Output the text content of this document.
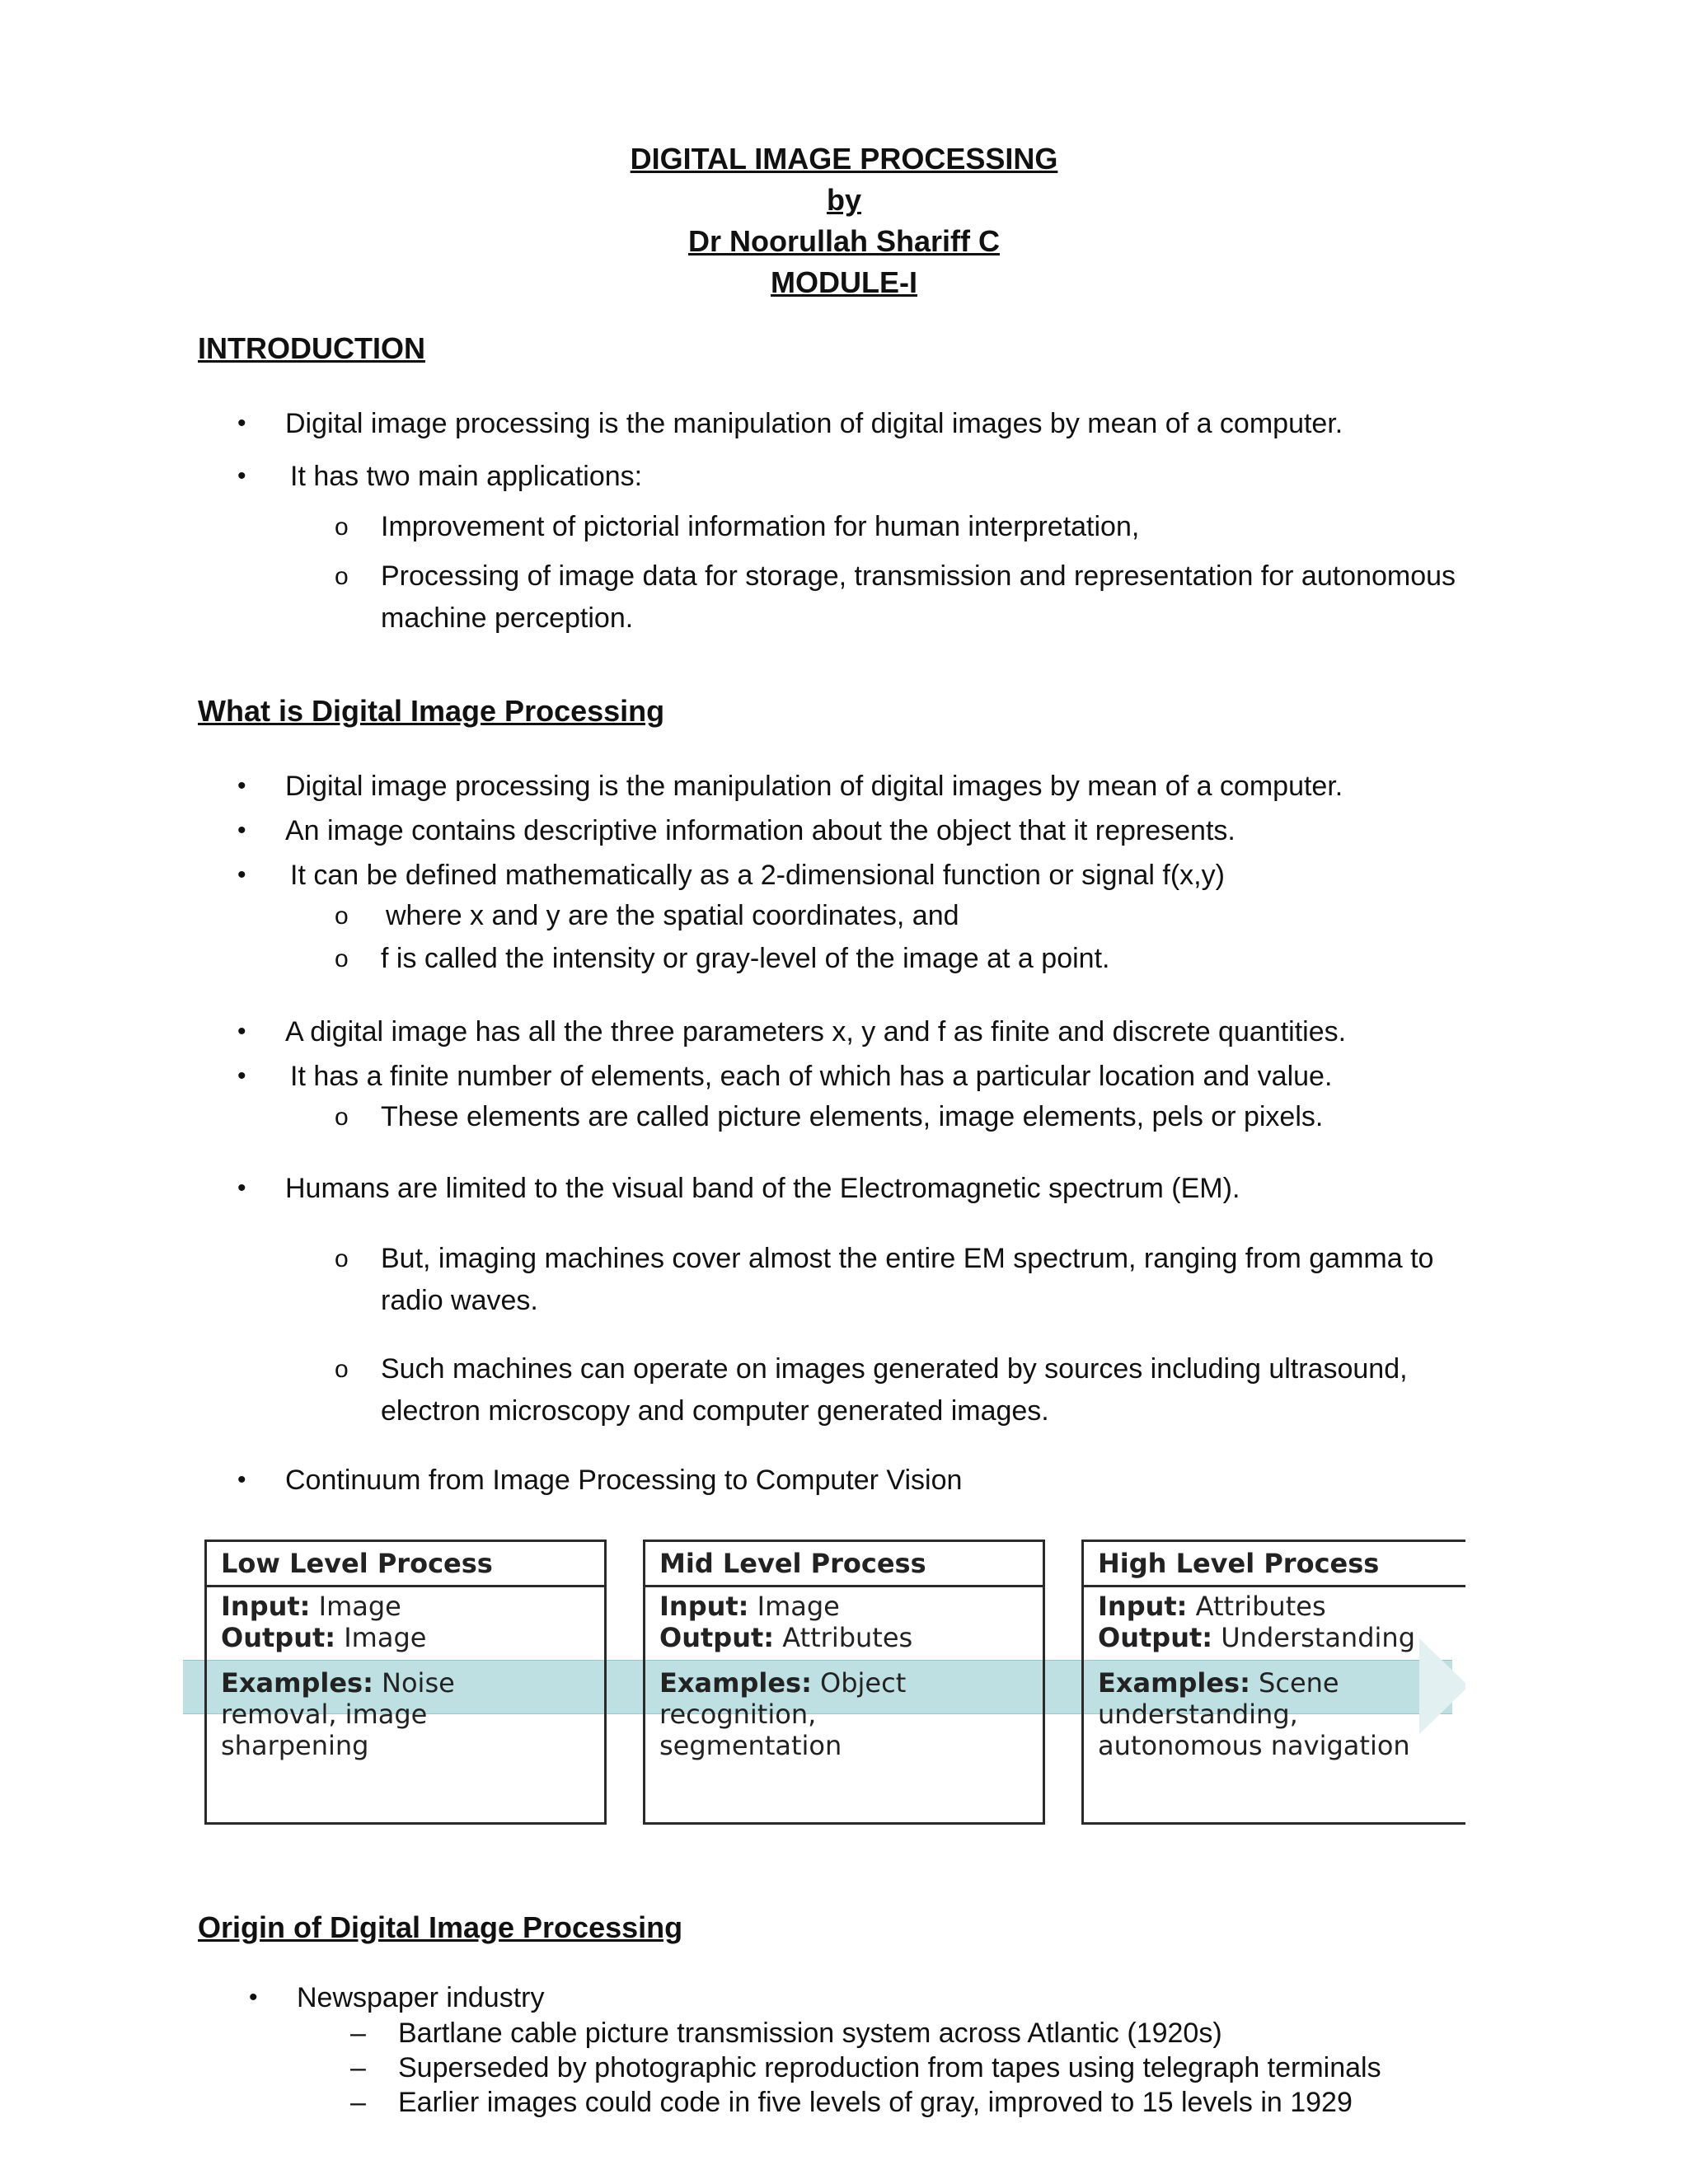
DIGITAL IMAGE PROCESSING
by
Dr Noorullah Shariff C
MODULE-I
INTRODUCTION
• Digital image processing is the manipulation of digital images by mean of a computer.
• It has two main applications:
o Improvement of pictorial information for human interpretation,
o Processing of image data for storage, transmission and representation for autonomous machine perception.
What is Digital Image Processing
• Digital image processing is the manipulation of digital images by mean of a computer.
• An image contains descriptive information about the object that it represents.
• It can be defined mathematically as a 2-dimensional function or signal f(x,y)
o where x and y are the spatial coordinates, and
o f is called the intensity or gray-level of the image at a point.
• A digital image has all the three parameters x, y and f as finite and discrete quantities.
• It has a finite number of elements, each of which has a particular location and value.
o These elements are called picture elements, image elements, pels or pixels.
• Humans are limited to the visual band of the Electromagnetic spectrum (EM).
o But, imaging machines cover almost the entire EM spectrum, ranging from gamma to radio waves.
o Such machines can operate on images generated by sources including ultrasound, electron microscopy and computer generated images.
• Continuum from Image Processing to Computer Vision
Low Level Process
Input: Image
Output: Image
Examples: Noise
removal, image
sharpening
Mid Level Process
Input: Image
Output: Attributes
Examples: Object
recognition,
segmentation
High Level Process
Input: Attributes
Output: Understanding
Examples: Scene
understanding,
autonomous navigation
Origin of Digital Image Processing
• Newspaper industry
– Bartlane cable picture transmission system across Atlantic (1920s)
– Superseded by photographic reproduction from tapes using telegraph terminals
– Earlier images could code in five levels of gray, improved to 15 levels in 1929
